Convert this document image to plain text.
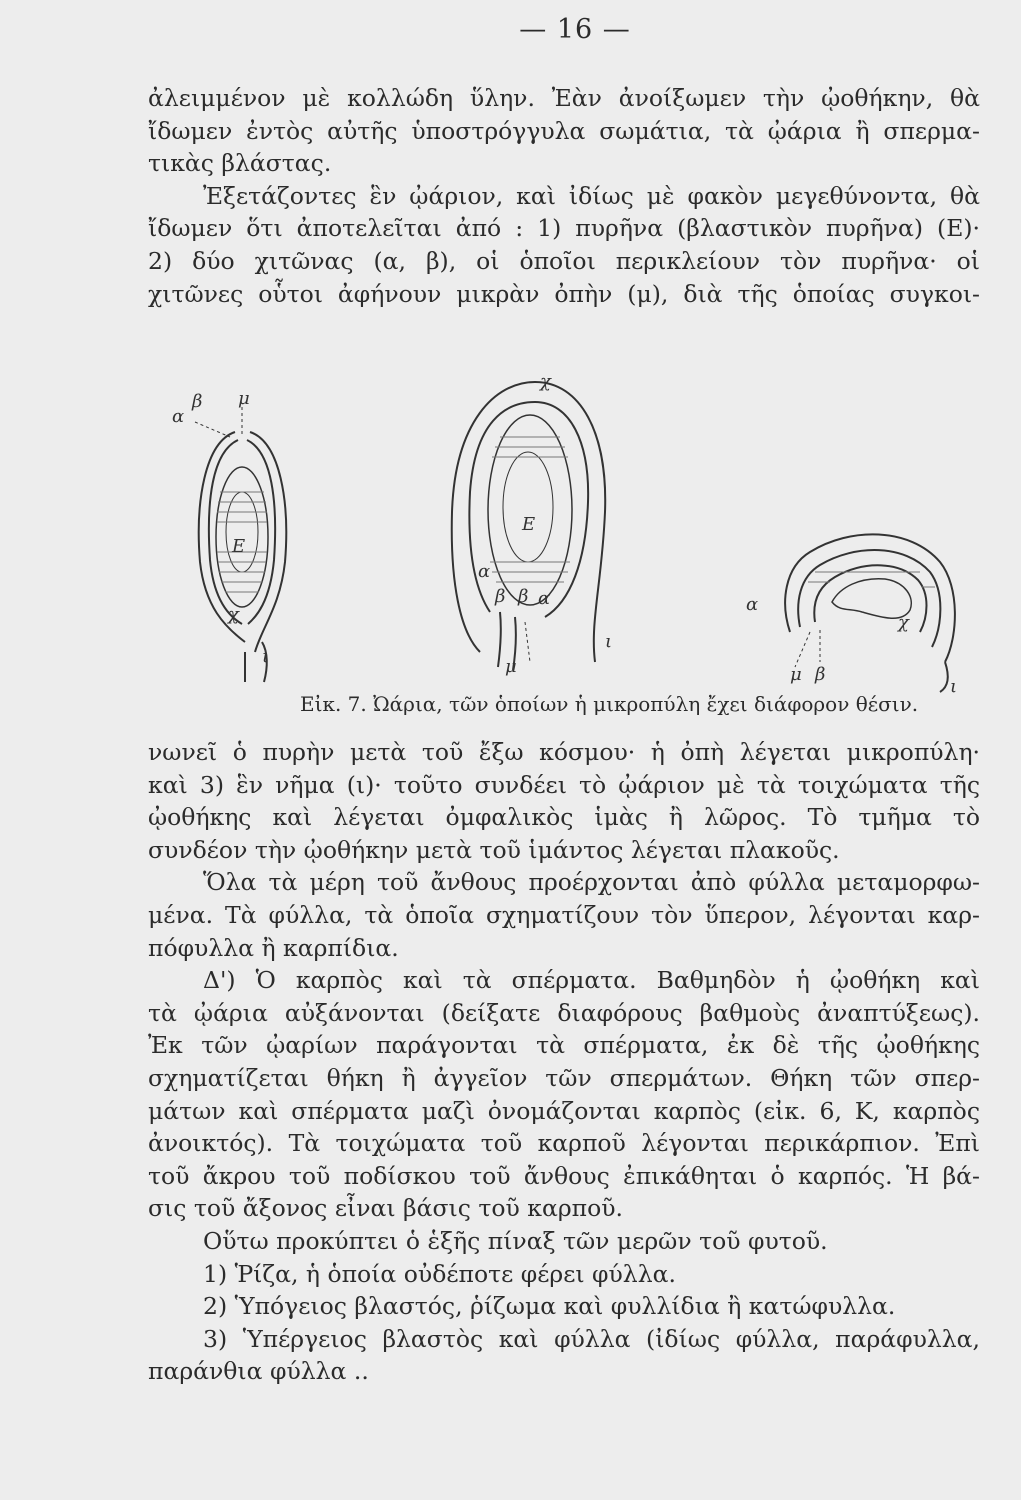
— 16 —
ἀλειμμένον μὲ κολλώδη ὕλην. Ἐὰν ἀνοίξωμεν τὴν ᾠοθήκην, θὰ
ἴδωμεν ἐντὸς αὐτῆς ὑποστρόγγυλα σωμάτια, τὰ ᾠάρια ἢ σπερμα-
τικὰς βλάστας.
Ἐξετάζοντες ἓν ᾠάριον, καὶ ἰδίως μὲ φακὸν μεγεθύνοντα, θὰ
ἴδωμεν ὅτι ἀποτελεῖται ἀπό : 1) πυρῆνα (βλαστικὸν πυρῆνα) (Ε)·
2) δύο χιτῶνας (α, β), οἱ ὁποῖοι περικλείουν τὸν πυρῆνα· οἱ
χιτῶνες οὗτοι ἀφήνουν μικρὰν ὀπὴν (μ), διὰ τῆς ὁποίας συγκοι-
α
β μ
Ε
χ
ι
χ
Ε
α
β β α
μ
ι
α
μ β
χ
ι
Εἰκ. 7. Ὠάρια, τῶν ὁποίων ἡ μικροπύλη ἔχει διάφορον θέσιν.
νωνεῖ ὁ πυρὴν μετὰ τοῦ ἔξω κόσμου· ἡ ὀπὴ λέγεται μικροπύλη·
καὶ 3) ἓν νῆμα (ι)· τοῦτο συνδέει τὸ ᾠάριον μὲ τὰ τοιχώματα τῆς
ᾠοθήκης καὶ λέγεται ὀμφαλικὸς ἱμὰς ἢ λῶρος. Τὸ τμῆμα τὸ
συνδέον τὴν ᾠοθήκην μετὰ τοῦ ἱμάντος λέγεται πλακοῦς.
Ὅλα τὰ μέρη τοῦ ἄνθους προέρχονται ἀπὸ φύλλα μεταμορφω-
μένα. Τὰ φύλλα, τὰ ὁποῖα σχηματίζουν τὸν ὕπερον, λέγονται καρ-
πόφυλλα ἢ καρπίδια.
Δ') Ὁ καρπὸς καὶ τὰ σπέρματα. Βαθμηδὸν ἡ ᾠοθήκη καὶ
τὰ ᾠάρια αὐξάνονται (δείξατε διαφόρους βαθμοὺς ἀναπτύξεως).
Ἐκ τῶν ᾠαρίων παράγονται τὰ σπέρματα, ἐκ δὲ τῆς ᾠοθήκης
σχηματίζεται θήκη ἢ ἀγγεῖον τῶν σπερμάτων. Θήκη τῶν σπερ-
μάτων καὶ σπέρματα μαζὶ ὀνομάζονται καρπὸς (εἰκ. 6, Κ, καρπὸς
ἀνοικτός). Τὰ τοιχώματα τοῦ καρποῦ λέγονται περικάρπιον. Ἐπὶ
τοῦ ἄκρου τοῦ ποδίσκου τοῦ ἄνθους ἐπικάθηται ὁ καρπός. Ἡ βά-
σις τοῦ ἄξονος εἶναι βάσις τοῦ καρποῦ.
Οὕτω προκύπτει ὁ ἑξῆς πίναξ τῶν μερῶν τοῦ φυτοῦ.
1) Ῥίζα, ἡ ὁποία οὐδέποτε φέρει φύλλα.
2) Ὑπόγειος βλαστός, ῥίζωμα καὶ φυλλίδια ἢ κατώφυλλα.
3) Ὑπέργειος βλαστὸς καὶ φύλλα (ἰδίως φύλλα, παράφυλλα,
παράνθια φύλλα ..
